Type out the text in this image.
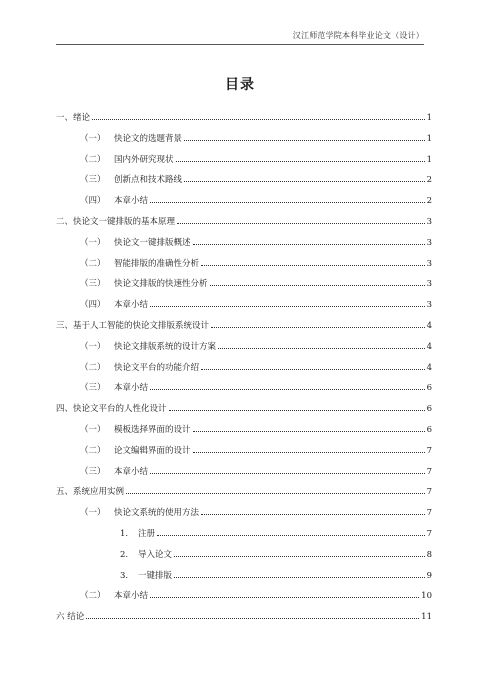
汉江师范学院本科毕业论文（设计）
目录
一、绪论	1
（一） 快论文的选题背景	1
（二） 国内外研究现状	1
（三） 创新点和技术路线	2
（四） 本章小结	2
二、快论文一键排版的基本原理	3
（一） 快论文一键排版概述	3
（二） 智能排版的准确性分析	3
（三） 快论文排版的快速性分析	3
（四） 本章小结	3
三、基于人工智能的快论文排版系统设计	4
（一） 快论文排版系统的设计方案	4
（二） 快论文平台的功能介绍	4
（三） 本章小结	6
四、快论文平台的人性化设计	6
（一） 模板选择界面的设计	6
（二） 论文编辑界面的设计	7
（三） 本章小结	7
五、系统应用实例	7
（一） 快论文系统的使用方法	7
1.	注册	7
2.	导入论文	8
3.	一键排版	9
（二） 本章小结	10
六 结论	11
